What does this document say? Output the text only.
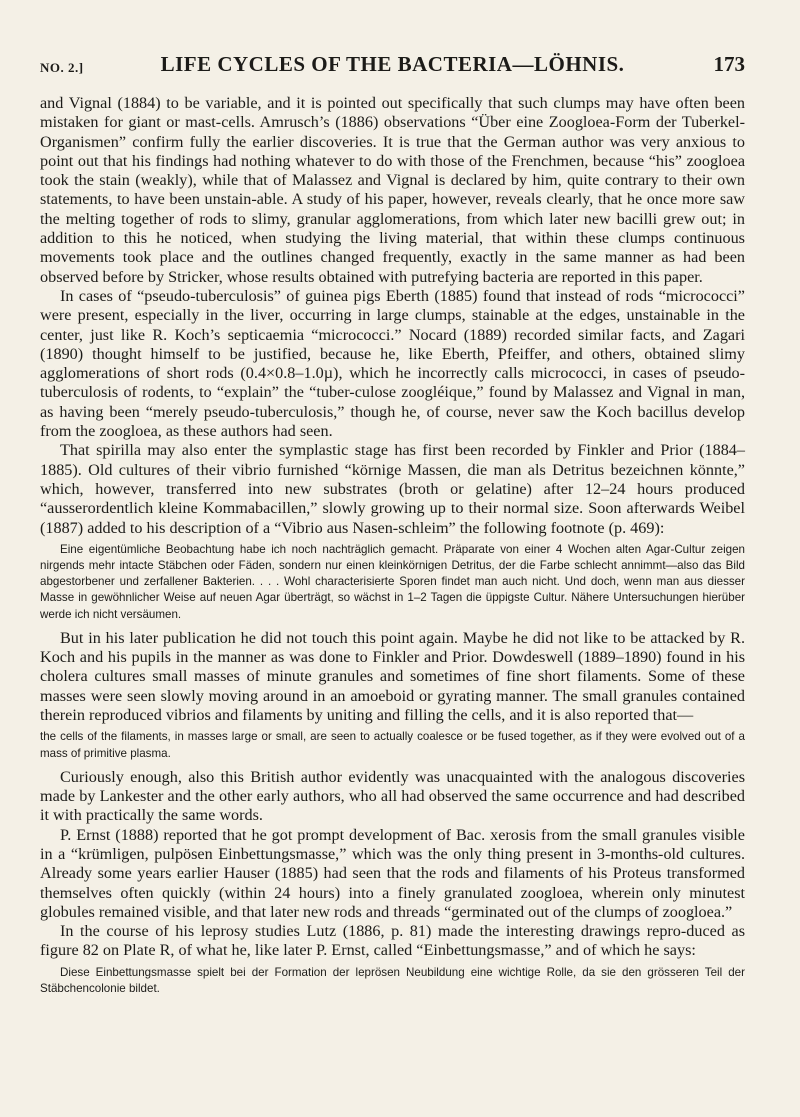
NO. 2.]	LIFE CYCLES OF THE BACTERIA—LÖHNIS.	173

and Vignal (1884) to be variable, and it is pointed out specifically that such clumps may have often been mistaken for giant or mast-cells. Amrusch’s (1886) observations “Über eine Zoogloea-Form der Tuberkel-Organismen” confirm fully the earlier discoveries. It is true that the German author was very anxious to point out that his findings had nothing whatever to do with those of the Frenchmen, because “his” zoogloea took the stain (weakly), while that of Malassez and Vignal is declared by him, quite contrary to their own statements, to have been unstain-able. A study of his paper, however, reveals clearly, that he once more saw the melting together of rods to slimy, granular agglomerations, from which later new bacilli grew out; in addition to this he noticed, when studying the living material, that within these clumps continuous movements took place and the outlines changed frequently, exactly in the same manner as had been observed before by Stricker, whose results obtained with putrefying bacteria are reported in this paper.

In cases of “pseudo-tuberculosis” of guinea pigs Eberth (1885) found that instead of rods “micrococci” were present, especially in the liver, occurring in large clumps, stainable at the edges, unstainable in the center, just like R. Koch’s septicaemia “micrococci.” Nocard (1889) recorded similar facts, and Zagari (1890) thought himself to be justified, because he, like Eberth, Pfeiffer, and others, obtained slimy agglomerations of short rods (0.4×0.8–1.0µ), which he incorrectly calls micrococci, in cases of pseudo-tuberculosis of rodents, to “explain” the “tuber-culose zoogléique,” found by Malassez and Vignal in man, as having been “merely pseudo-tuberculosis,” though he, of course, never saw the Koch bacillus develop from the zoogloea, as these authors had seen.

That spirilla may also enter the symplastic stage has first been recorded by Finkler and Prior (1884–1885). Old cultures of their vibrio furnished “körnige Massen, die man als Detritus bezeichnen könnte,” which, however, transferred into new substrates (broth or gelatine) after 12–24 hours produced “ausserordentlich kleine Kommabacillen,” slowly growing up to their normal size. Soon afterwards Weibel (1887) added to his description of a “Vibrio aus Nasen-schleim” the following footnote (p. 469):

Eine eigentümliche Beobachtung habe ich noch nachträglich gemacht. Präparate von einer 4 Wochen alten Agar-Cultur zeigen nirgends mehr intacte Stäbchen oder Fäden, sondern nur einen kleinkörnigen Detritus, der die Farbe schlecht annimmt—also das Bild abgestorbener und zerfallener Bakterien. . . . Wohl characterisierte Sporen findet man auch nicht. Und doch, wenn man aus diesser Masse in gewöhnlicher Weise auf neuen Agar überträgt, so wächst in 1–2 Tagen die üppigste Cultur. Nähere Untersuchungen hierüber werde ich nicht versäumen.

But in his later publication he did not touch this point again. Maybe he did not like to be attacked by R. Koch and his pupils in the manner as was done to Finkler and Prior. Dowdeswell (1889–1890) found in his cholera cultures small masses of minute granules and sometimes of fine short filaments. Some of these masses were seen slowly moving around in an amoeboid or gyrating manner. The small granules contained therein reproduced vibrios and filaments by uniting and filling the cells, and it is also reported that—

the cells of the filaments, in masses large or small, are seen to actually coalesce or be fused together, as if they were evolved out of a mass of primitive plasma.

Curiously enough, also this British author evidently was unacquainted with the analogous discoveries made by Lankester and the other early authors, who all had observed the same occurrence and had described it with practically the same words.

P. Ernst (1888) reported that he got prompt development of Bac. xerosis from the small granules visible in a “krümligen, pulpösen Einbettungsmasse,” which was the only thing present in 3-months-old cultures. Already some years earlier Hauser (1885) had seen that the rods and filaments of his Proteus transformed themselves often quickly (within 24 hours) into a finely granulated zoogloea, wherein only minutest globules remained visible, and that later new rods and threads “germinated out of the clumps of zoogloea.”

In the course of his leprosy studies Lutz (1886, p. 81) made the interesting drawings repro-duced as figure 82 on Plate R, of what he, like later P. Ernst, called “Einbettungsmasse,” and of which he says:

Diese Einbettungsmasse spielt bei der Formation der leprösen Neubildung eine wichtige Rolle, da sie den grösseren Teil der Stäbchencolonie bildet.
